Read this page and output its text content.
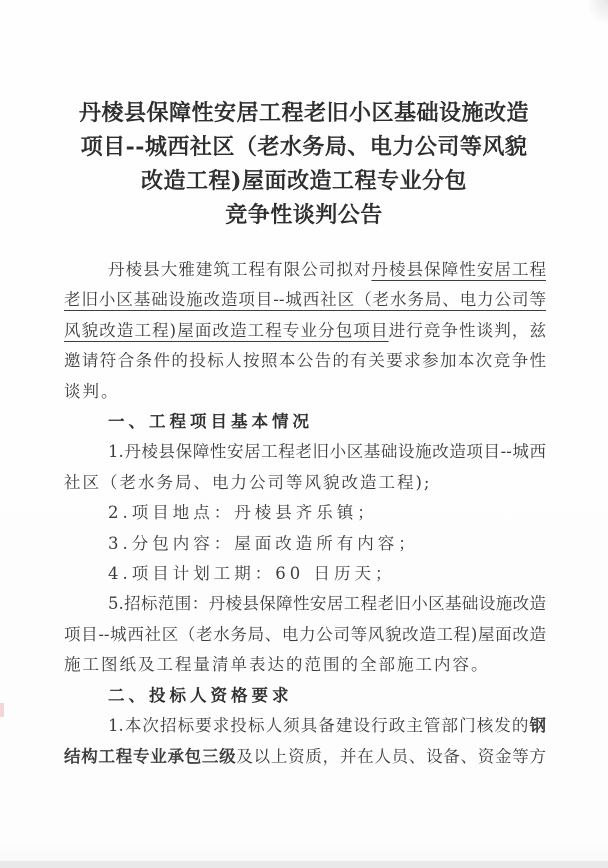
丹棱县保障性安居工程老旧小区基础设施改造
项目--城西社区（老水务局、电力公司等风貌
改造工程)屋面改造工程专业分包
竞争性谈判公告
丹棱县大雅建筑工程有限公司拟对丹棱县保障性安居工程
老旧小区基础设施改造项目--城西社区（老水务局、电力公司等
风貌改造工程)屋面改造工程专业分包项目进行竞争性谈判，兹
邀请符合条件的投标人按照本公告的有关要求参加本次竞争性
谈判。
一、工程项目基本情况
1.丹棱县保障性安居工程老旧小区基础设施改造项目--城西
社区（老水务局、电力公司等风貌改造工程);
2.项目地点：丹棱县齐乐镇；
3.分包内容：屋面改造所有内容；
4.项目计划工期：60 日历天；
5.招标范围：丹棱县保障性安居工程老旧小区基础设施改造
项目--城西社区（老水务局、电力公司等风貌改造工程)屋面改造
施工图纸及工程量清单表达的范围的全部施工内容。
二、投标人资格要求
1.本次招标要求投标人须具备建设行政主管部门核发的钢
结构工程专业承包三级及以上资质，并在人员、设备、资金等方
